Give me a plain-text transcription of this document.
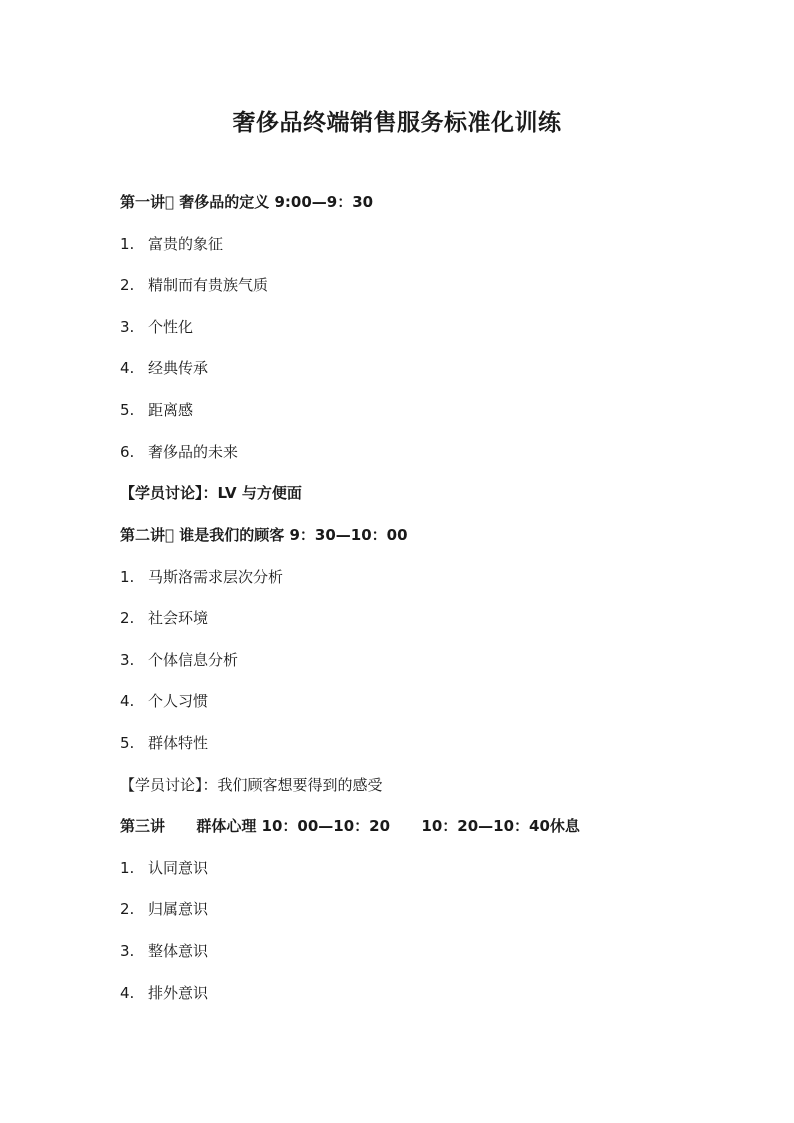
奢侈品终端销售服务标准化训练
第一讲  奢侈品的定义 9:00—9：30
1. 富贵的象征
2. 精制而有贵族气质
3. 个性化
4. 经典传承
5. 距离感
6. 奢侈品的未来
【学员讨论】：LV 与方便面
第二讲  谁是我们的顾客 9：30—10：00
1. 马斯洛需求层次分析
2. 社会环境
3. 个体信息分析
4. 个人习惯
5. 群体特性
【学员讨论】：我们顾客想要得到的感受
第三讲      群体心理 10：00—10：20      10：20—10：40休息
1. 认同意识
2. 归属意识
3. 整体意识
4. 排外意识
